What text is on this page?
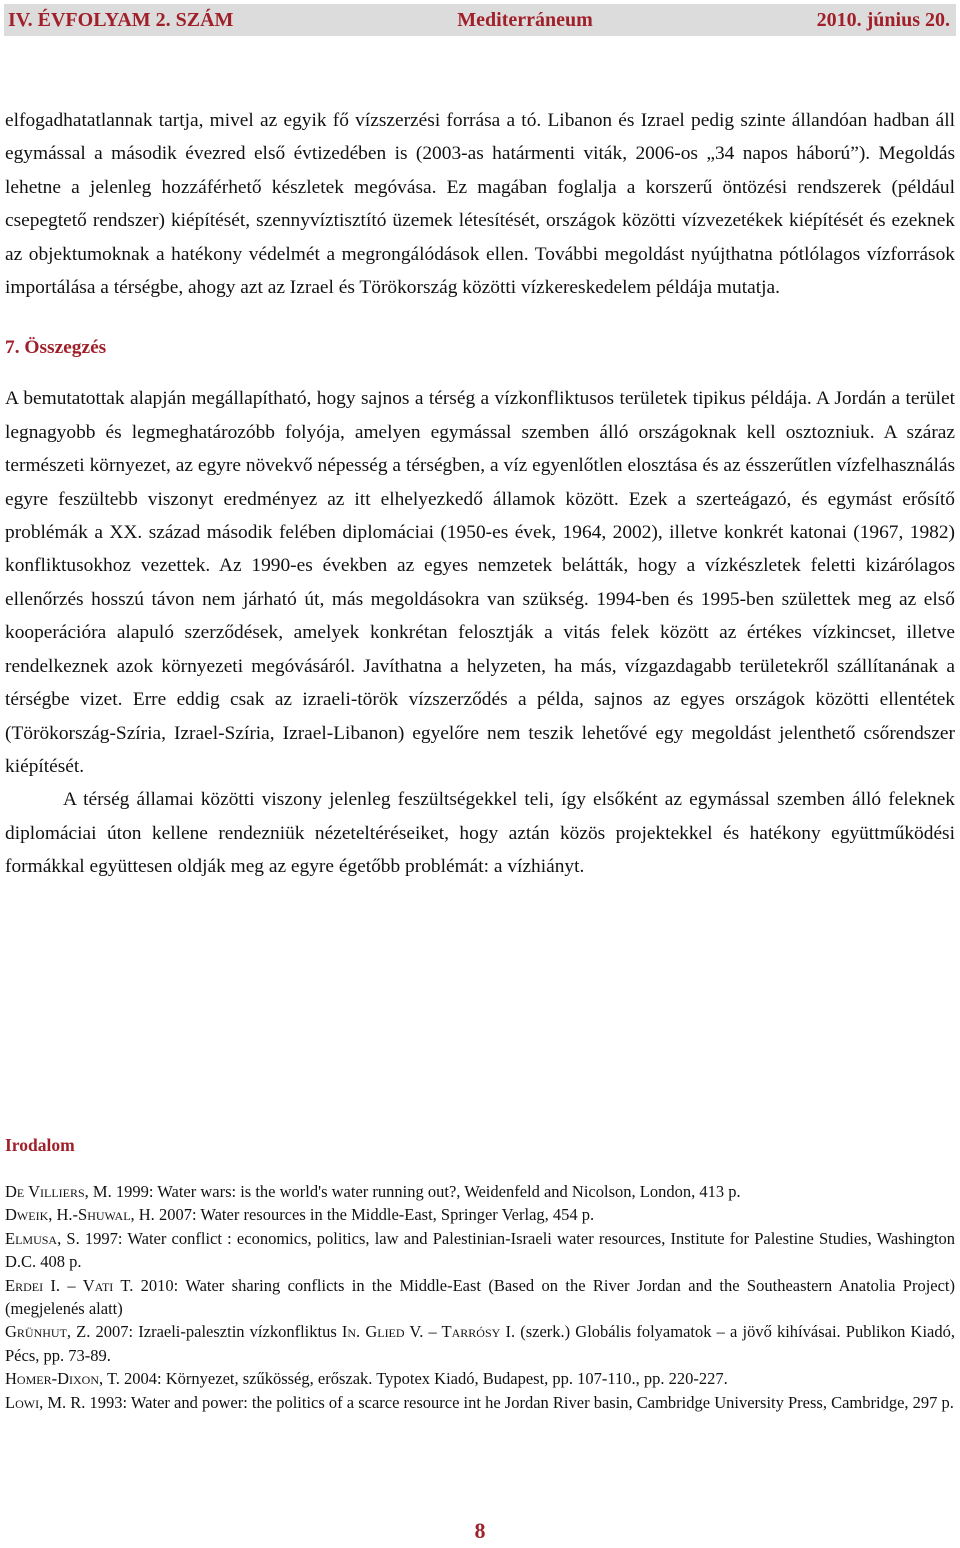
IV. ÉVFOLYAM 2. SZÁM	Mediterráneum	2010. június 20.

elfogadhatatlannak tartja, mivel az egyik fő vízszerzési forrása a tó. Libanon és Izrael pedig szinte állandóan hadban áll egymással a második évezred első évtizedében is (2003-as határmenti viták, 2006-os „34 napos háború”). Megoldás lehetne a jelenleg hozzáférhető készletek megóvása. Ez magában foglalja a korszerű öntözési rendszerek (például csepegtető rendszer) kiépítését, szennyvíztisztító üzemek létesítését, országok közötti vízvezetékek kiépítését és ezeknek az objektumoknak a hatékony védelmét a megrongálódások ellen. További megoldást nyújthatna pótlólagos vízforrások importálása a térségbe, ahogy azt az Izrael és Törökország közötti vízkereskedelem példája mutatja.

7. Összegzés

A bemutatottak alapján megállapítható, hogy sajnos a térség a vízkonfliktusos területek tipikus példája. A Jordán a terület legnagyobb és legmeghatározóbb folyója, amelyen egymással szemben álló országoknak kell osztozniuk. A száraz természeti környezet, az egyre növekvő népesség a térségben, a víz egyenlőtlen elosztása és az ésszerűtlen vízfelhasználás egyre feszültebb viszonyt eredményez az itt elhelyezkedő államok között. Ezek a szerteágazó, és egymást erősítő problémák a XX. század második felében diplomáciai (1950-es évek, 1964, 2002), illetve konkrét katonai (1967, 1982) konfliktusokhoz vezettek. Az 1990-es években az egyes nemzetek belátták, hogy a vízkészletek feletti kizárólagos ellenőrzés hosszú távon nem járható út, más megoldásokra van szükség. 1994-ben és 1995-ben születtek meg az első kooperációra alapuló szerződések, amelyek konkrétan felosztják a vitás felek között az értékes vízkincset, illetve rendelkeznek azok környezeti megóvásáról. Javíthatna a helyzeten, ha más, vízgazdagabb területekről szállítanának a térségbe vizet. Erre eddig csak az izraeli-török vízszerződés a példa, sajnos az egyes országok közötti ellentétek (Törökország-Szíria, Izrael-Szíria, Izrael-Libanon) egyelőre nem teszik lehetővé egy megoldást jelenthető csőrendszer kiépítését.

A térség államai közötti viszony jelenleg feszültségekkel teli, így elsőként az egymással szemben álló feleknek diplomáciai úton kellene rendezniük nézeteltéréseiket, hogy aztán közös projektekkel és hatékony együttműködési formákkal együttesen oldják meg az egyre égetőbb problémát: a vízhiányt.

Irodalom

De Villiers, M. 1999: Water wars: is the world's water running out?, Weidenfeld and Nicolson, London, 413 p.

Dweik, H.-Shuwal, H. 2007: Water resources in the Middle-East, Springer Verlag, 454 p.

Elmusa, S. 1997: Water conflict : economics, politics, law and Palestinian-Israeli water resources, Institute for Palestine Studies, Washington D.C. 408 p.

Erdei I. – Vati T. 2010: Water sharing conflicts in the Middle-East (Based on the River Jordan and the Southeastern Anatolia Project) (megjelenés alatt)

Grünhut, Z. 2007: Izraeli-palesztin vízkonfliktus In. Glied V. – Tarrósy I. (szerk.) Globális folyamatok – a jövő kihívásai. Publikon Kiadó, Pécs, pp. 73-89.

Homer-Dixon, T. 2004: Környezet, szűkösség, erőszak. Typotex Kiadó, Budapest, pp. 107-110., pp. 220-227.

Lowi, M. R. 1993: Water and power: the politics of a scarce resource int he Jordan River basin, Cambridge University Press, Cambridge, 297 p.

8
